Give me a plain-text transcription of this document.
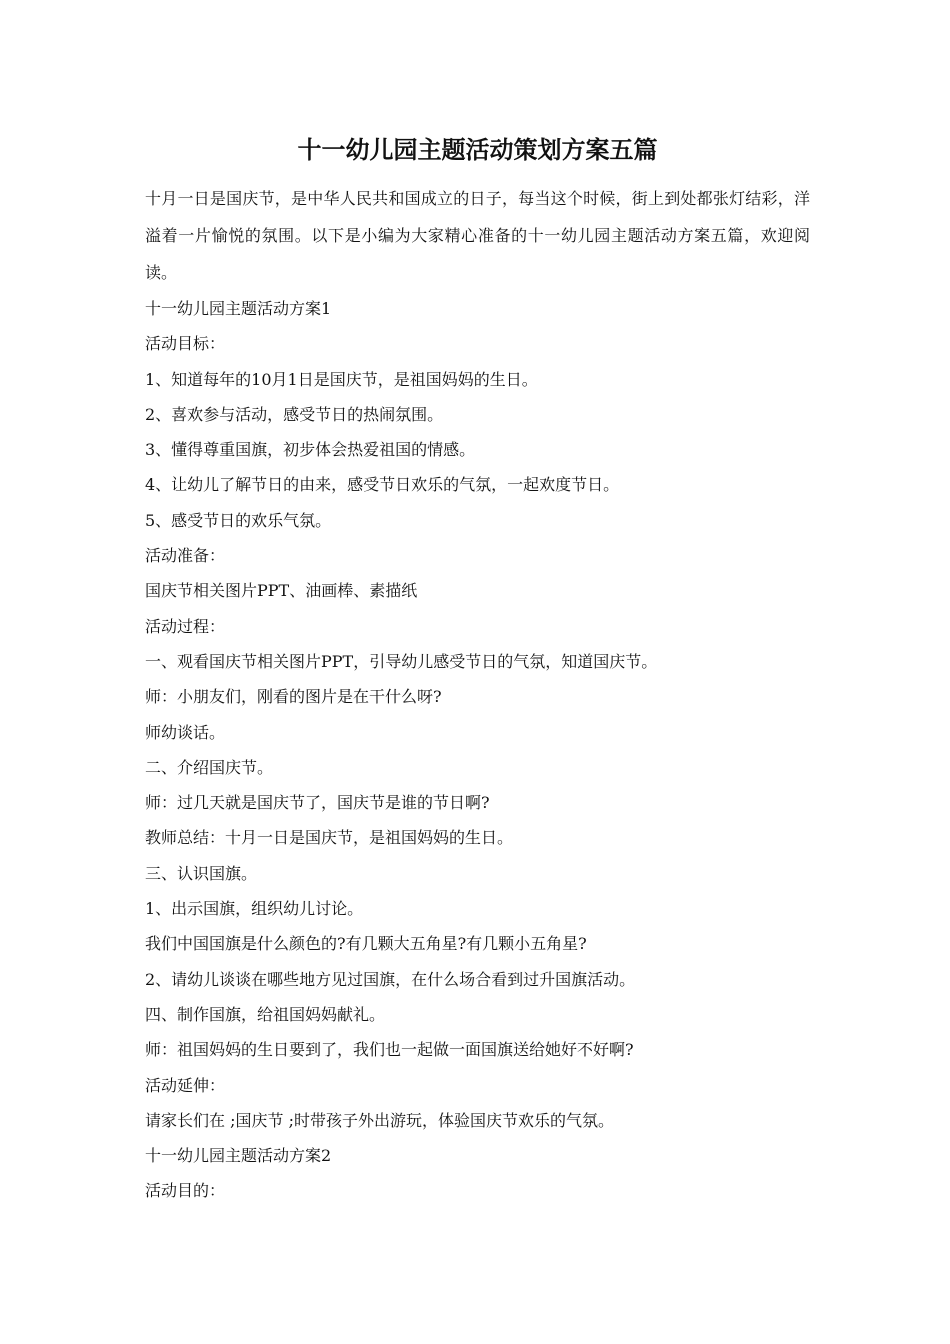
十一幼儿园主题活动策划方案五篇

十月一日是国庆节，是中华人民共和国成立的日子，每当这个时候，街上到处都张灯结彩，洋溢着一片愉悦的氛围。以下是小编为大家精心准备的十一幼儿园主题活动方案五篇，欢迎阅读。

十一幼儿园主题活动方案1
活动目标：
1、知道每年的10月1日是国庆节，是祖国妈妈的生日。
2、喜欢参与活动，感受节日的热闹氛围。
3、懂得尊重国旗，初步体会热爱祖国的情感。
4、让幼儿了解节日的由来，感受节日欢乐的气氛，一起欢度节日。
5、感受节日的欢乐气氛。
活动准备：
国庆节相关图片PPT、油画棒、素描纸
活动过程：
一、观看国庆节相关图片PPT，引导幼儿感受节日的气氛，知道国庆节。
师：小朋友们，刚看的图片是在干什么呀?
师幼谈话。
二、介绍国庆节。
师：过几天就是国庆节了，国庆节是谁的节日啊?
教师总结：十月一日是国庆节，是祖国妈妈的生日。
三、认识国旗。
1、出示国旗，组织幼儿讨论。
我们中国国旗是什么颜色的?有几颗大五角星?有几颗小五角星?
2、请幼儿谈谈在哪些地方见过国旗，在什么场合看到过升国旗活动。
四、制作国旗，给祖国妈妈献礼。
师：祖国妈妈的生日要到了，我们也一起做一面国旗送给她好不好啊?
活动延伸：
请家长们在 ;国庆节 ;时带孩子外出游玩，体验国庆节欢乐的气氛。
十一幼儿园主题活动方案2
活动目的：
